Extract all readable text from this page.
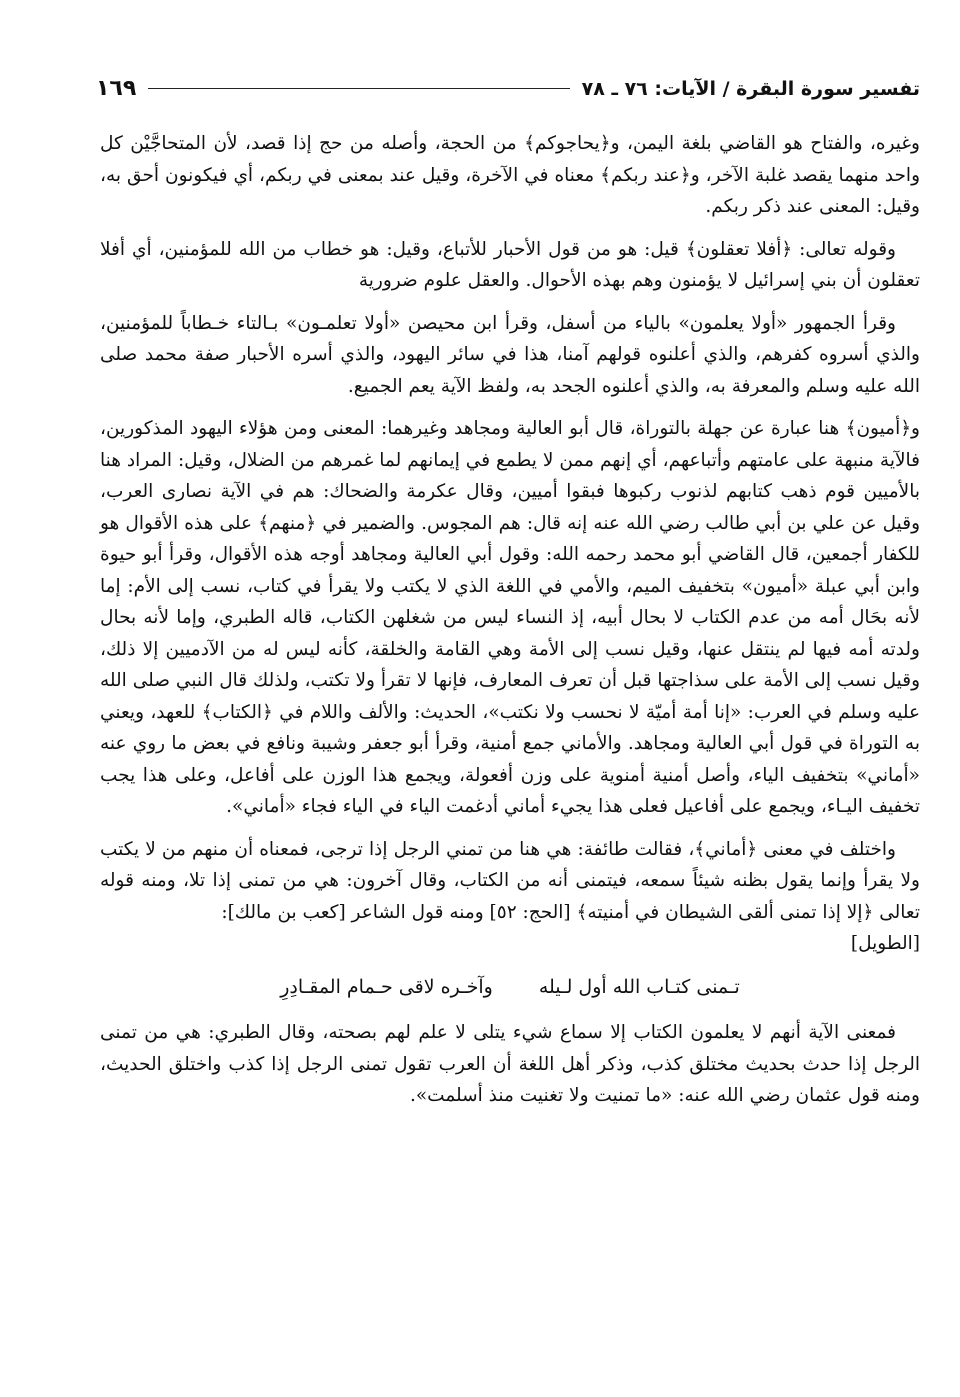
تفسير سورة البقرة / الآيات: ٧٦ ـ ٧٨
١٦٩

وغيره، والفتاح هو القاضي بلغة اليمن، و﴿يحاجوكم﴾ من الحجة، وأصله من حج إذا قصد، لأن المتحاجَّيْن كل واحد منهما يقصد غلبة الآخر، و﴿عند ربكم﴾ معناه في الآخرة، وقيل عند بمعنى في ربكم، أي فيكونون أحق به، وقيل: المعنى عند ذكر ربكم.

وقوله تعالى: ﴿أفلا تعقلون﴾ قيل: هو من قول الأحبار للأتباع، وقيل: هو خطاب من الله للمؤمنين، أي أفلا تعقلون أن بني إسرائيل لا يؤمنون وهم بهذه الأحوال. والعقل علوم ضرورية

وقرأ الجمهور «أولا يعلمون» بالياء من أسفل، وقرأ ابن محيصن «أولا تعلمـون» بـالتاء خـطاباً للمؤمنين، والذي أسروه كفرهم، والذي أعلنوه قولهم آمنا، هذا في سائر اليهود، والذي أسره الأحبار صفة محمد صلى الله عليه وسلم والمعرفة به، والذي أعلنوه الجحد به، ولفظ الآية يعم الجميع.

و﴿أميون﴾ هنا عبارة عن جهلة بالتوراة، قال أبو العالية ومجاهد وغيرهما: المعنى ومن هؤلاء اليهود المذكورين، فالآية منبهة على عامتهم وأتباعهم، أي إنهم ممن لا يطمع في إيمانهم لما غمرهم من الضلال، وقيل: المراد هنا بالأميين قوم ذهب كتابهم لذنوب ركبوها فبقوا أميين، وقال عكرمة والضحاك: هم في الآية نصارى العرب، وقيل عن علي بن أبي طالب رضي الله عنه إنه قال: هم المجوس. والضمير في ﴿منهم﴾ على هذه الأقوال هو للكفار أجمعين، قال القاضي أبو محمد رحمه الله: وقول أبي العالية ومجاهد أوجه هذه الأقوال، وقرأ أبو حيوة وابن أبي عبلة «أميون» بتخفيف الميم، والأمي في اللغة الذي لا يكتب ولا يقرأ في كتاب، نسب إلى الأم: إما لأنه بحَال أمه من عدم الكتاب لا بحال أبيه، إذ النساء ليس من شغلهن الكتاب، قاله الطبري، وإما لأنه بحال ولدته أمه فيها لم ينتقل عنها، وقيل نسب إلى الأمة وهي القامة والخلقة، كأنه ليس له من الآدميين إلا ذلك، وقيل نسب إلى الأمة على سذاجتها قبل أن تعرف المعارف، فإنها لا تقرأ ولا تكتب، ولذلك قال النبي صلى الله عليه وسلم في العرب: «إنا أمة أميّة لا نحسب ولا نكتب»، الحديث: والألف واللام في ﴿الكتاب﴾ للعهد، ويعني به التوراة في قول أبي العالية ومجاهد. والأماني جمع أمنية، وقرأ أبو جعفر وشيبة ونافع في بعض ما روي عنه «أماني» بتخفيف الياء، وأصل أمنية أمنوية على وزن أفعولة، ويجمع هذا الوزن على أفاعل، وعلى هذا يجب تخفيف اليـاء، ويجمع على أفاعيل فعلى هذا يجيء أماني أدغمت الياء في الياء فجاء «أماني».

واختلف في معنى ﴿أماني﴾، فقالت طائفة: هي هنا من تمني الرجل إذا ترجى، فمعناه أن منهم من لا يكتب ولا يقرأ وإنما يقول بظنه شيئاً سمعه، فيتمنى أنه من الكتاب، وقال آخرون: هي من تمنى إذا تلا، ومنه قوله تعالى ﴿إلا إذا تمنى ألقى الشيطان في أمنيته﴾ [الحج: ٥٢] ومنه قول الشاعر [كعب بن مالك]:

[الطويل]

تـمنى كتـاب الله أول لـيله
وآخـره لاقى حـمام المقـادِرِ

فمعنى الآية أنهم لا يعلمون الكتاب إلا سماع شيء يتلى لا علم لهم بصحته، وقال الطبري: هي من تمنى الرجل إذا حدث بحديث مختلق كذب، وذكر أهل اللغة أن العرب تقول تمنى الرجل إذا كذب واختلق الحديث، ومنه قول عثمان رضي الله عنه: «ما تمنيت ولا تغنيت منذ أسلمت».
